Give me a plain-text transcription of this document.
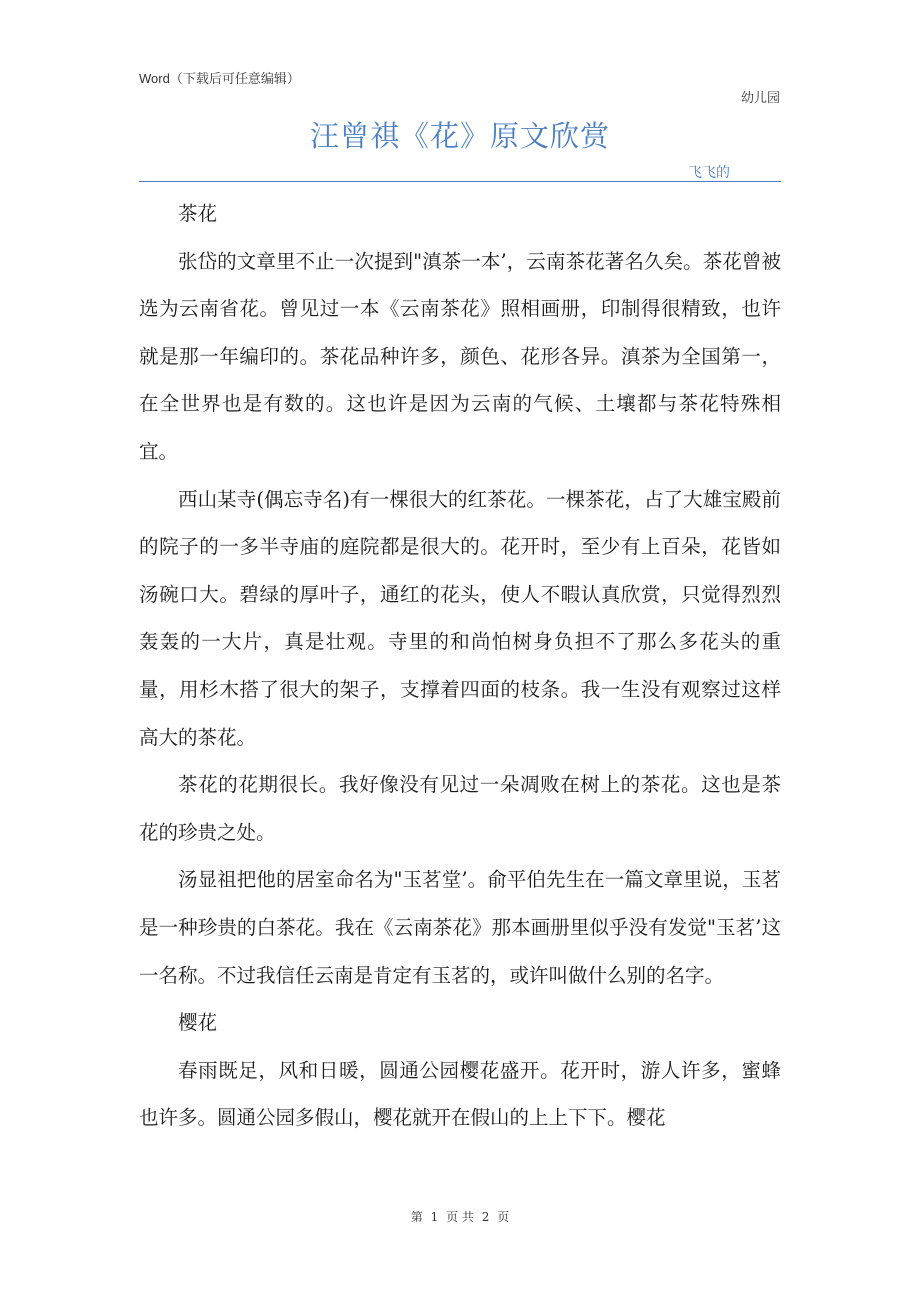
Word（下载后可任意编辑）
幼儿园
汪曾祺《花》原文欣赏
飞飞的

茶花

张岱的文章里不止一次提到"滇茶一本’，云南茶花著名久矣。茶花曾被选为云南省花。曾见过一本《云南茶花》照相画册，印制得很精致，也许就是那一年编印的。茶花品种许多，颜色、花形各异。滇茶为全国第一，在全世界也是有数的。这也许是因为云南的气候、土壤都与茶花特殊相宜。

西山某寺(偶忘寺名)有一棵很大的红茶花。一棵茶花，占了大雄宝殿前的院子的一多半寺庙的庭院都是很大的。花开时，至少有上百朵，花皆如汤碗口大。碧绿的厚叶子，通红的花头，使人不暇认真欣赏，只觉得烈烈轰轰的一大片，真是壮观。寺里的和尚怕树身负担不了那么多花头的重量，用杉木搭了很大的架子，支撑着四面的枝条。我一生没有观察过这样高大的茶花。

茶花的花期很长。我好像没有见过一朵凋败在树上的茶花。这也是茶花的珍贵之处。

汤显祖把他的居室命名为"玉茗堂’。俞平伯先生在一篇文章里说，玉茗是一种珍贵的白茶花。我在《云南茶花》那本画册里似乎没有发觉"玉茗’这一名称。不过我信任云南是肯定有玉茗的，或许叫做什么别的名字。

樱花

春雨既足，风和日暖，圆通公园樱花盛开。花开时，游人许多，蜜蜂也许多。圆通公园多假山，樱花就开在假山的上上下下。樱花

第 1 页 共 2 页
